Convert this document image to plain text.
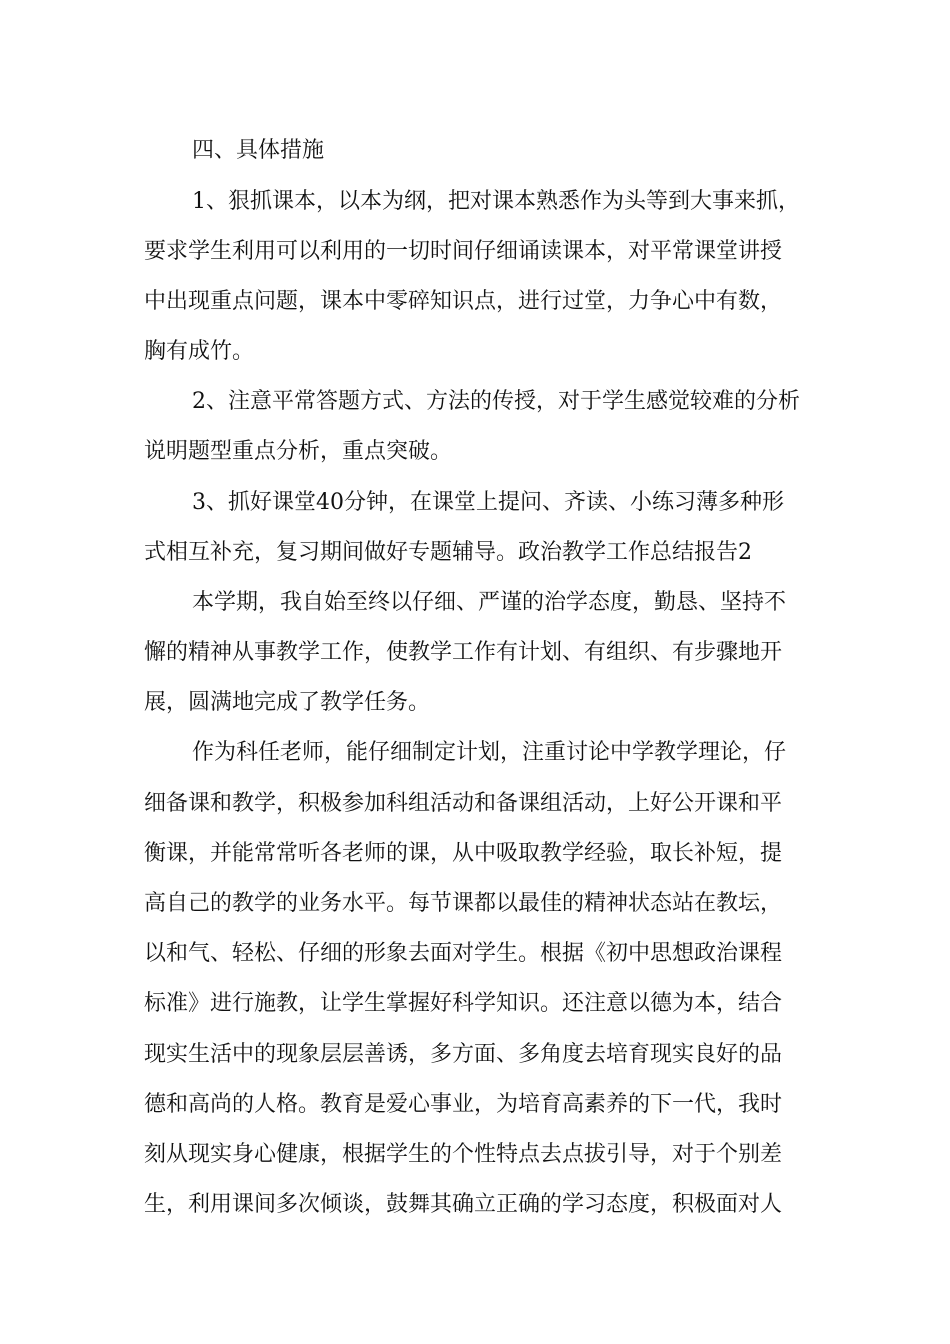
四、具体措施
1、狠抓课本，以本为纲，把对课本熟悉作为头等到大事来抓，
要求学生利用可以利用的一切时间仔细诵读课本，对平常课堂讲授
中出现重点问题，课本中零碎知识点，进行过堂，力争心中有数，
胸有成竹。
2、注意平常答题方式、方法的传授，对于学生感觉较难的分析
说明题型重点分析，重点突破。
3、抓好课堂40分钟，在课堂上提问、齐读、小练习薄多种形
式相互补充，复习期间做好专题辅导。政治教学工作总结报告2
本学期，我自始至终以仔细、严谨的治学态度，勤恳、坚持不
懈的精神从事教学工作，使教学工作有计划、有组织、有步骤地开
展，圆满地完成了教学任务。
作为科任老师，能仔细制定计划，注重讨论中学教学理论，仔
细备课和教学，积极参加科组活动和备课组活动，上好公开课和平
衡课，并能常常听各老师的课，从中吸取教学经验，取长补短，提
高自己的教学的业务水平。每节课都以最佳的精神状态站在教坛，
以和气、轻松、仔细的形象去面对学生。根据《初中思想政治课程
标准》进行施教，让学生掌握好科学知识。还注意以德为本，结合
现实生活中的现象层层善诱，多方面、多角度去培育现实良好的品
德和高尚的人格。教育是爱心事业，为培育高素养的下一代，我时
刻从现实身心健康，根据学生的个性特点去点拔引导，对于个别差
生，利用课间多次倾谈，鼓舞其确立正确的学习态度，积极面对人
